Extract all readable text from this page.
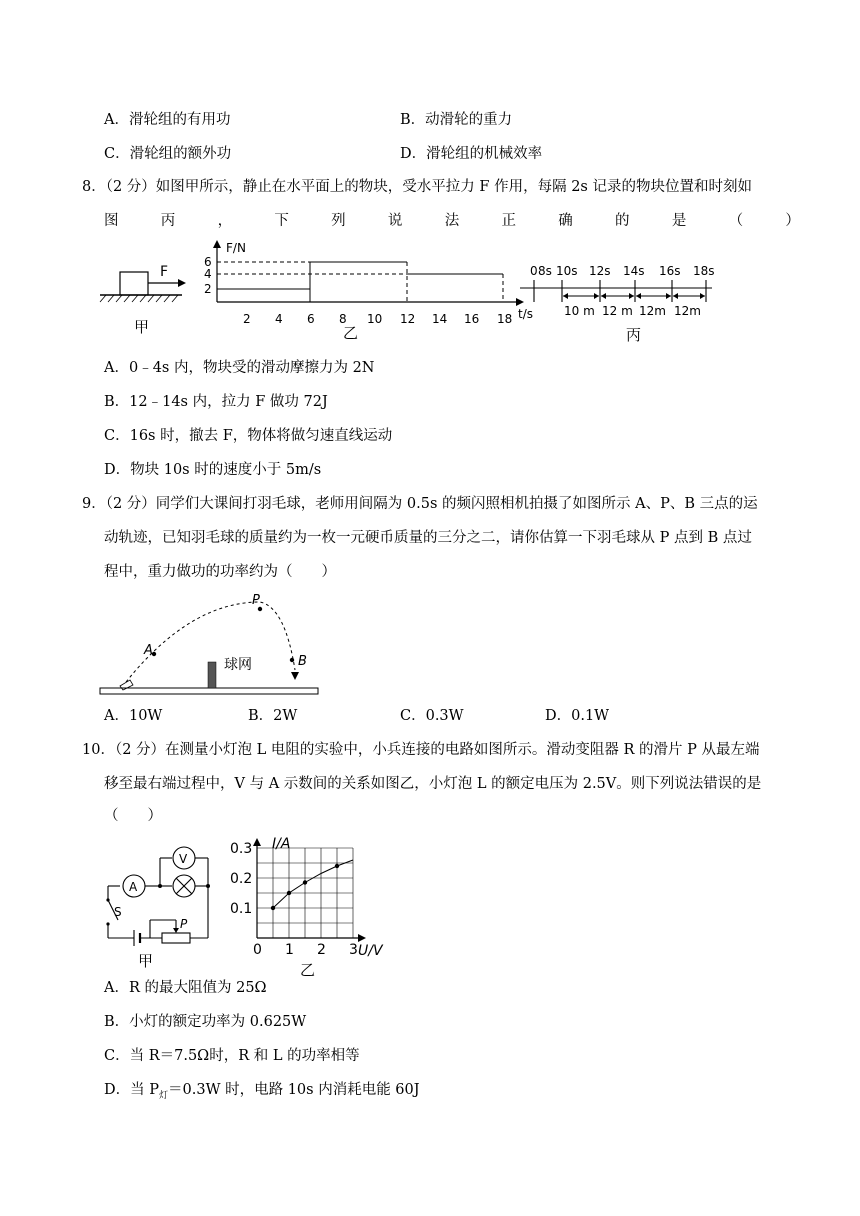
A．滑轮组的有用功	B．动滑轮的重力
C．滑轮组的额外功	D．滑轮组的机械效率
8．（2 分）如图甲所示，静止在水平面上的物块，受水平拉力 F 作用，每隔 2s 记录的物块位置和时刻如
图	丙	，	下	列	说	法	正	确	的	是	（	）
F
甲
F/N
t/s
6
4
2
2 4 6 8 10 12 14 16 18
乙
0 8s 10s 12s 14s 16s 18s
10 m 12 m 12m 12m
丙
A．0﹣4s 内，物块受的滑动摩擦力为 2N
B．12﹣14s 内，拉力 F 做功 72J
C．16s 时，撤去 F，物体将做匀速直线运动
D．物块 10s 时的速度小于 5m/s
9．（2 分）同学们大课间打羽毛球，老师用间隔为 0.5s 的频闪照相机拍摄了如图所示 A、P、B 三点的运
动轨迹，已知羽毛球的质量约为一枚一元硬币质量的三分之二，请你估算一下羽毛球从 P 点到 B 点过
程中，重力做功的功率约为（　　）
球网
A
P
B
A．10W	B．2W	C．0.3W	D．0.1W
10．（2 分）在测量小灯泡 L 电阻的实验中，小兵连接的电路如图所示。滑动变阻器 R 的滑片 P 从最左端
移至最右端过程中，V 与 A 示数间的关系如图乙，小灯泡 L 的额定电压为 2.5V。则下列说法错误的是
（　　）
A
V
S
P
甲
I/A
U/V
乙
0 1 2 3
0.1
0.2
0.3
A．R 的最大阻值为 25Ω
B．小灯的额定功率为 0.625W
C．当 R＝7.5Ω时，R 和 L 的功率相等
D．当 $P_灯=0.3W$ 时，电路 10s 内消耗电能 60J
